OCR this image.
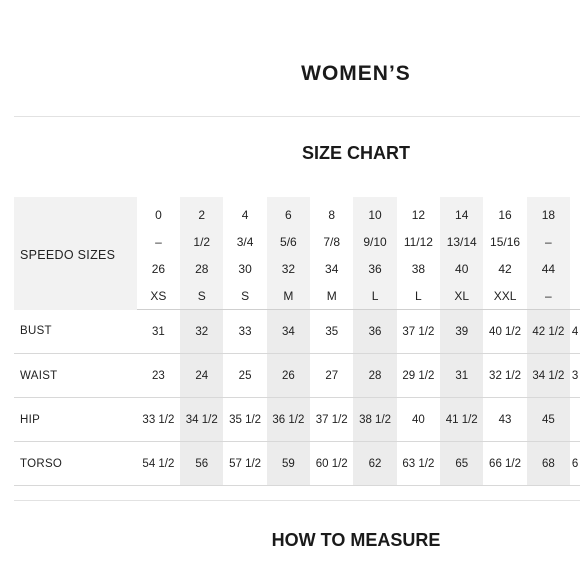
WOMEN’S
SIZE CHART
SPEEDO SIZES	0	2	4	6	8	10	12	14	16	18	
	–	1/2	3/4	5/6	7/8	9/10	11/12	13/14	15/16	–	
	26	28	30	32	34	36	38	40	42	44	
	XS	S	S	M	M	L	L	XL	XXL	–	
BUST	31	32	33	34	35	36	37 1/2	39	40 1/2	42 1/2	4
WAIST	23	24	25	26	27	28	29 1/2	31	32 1/2	34 1/2	3
HIP	33 1/2	34 1/2	35 1/2	36 1/2	37 1/2	38 1/2	40	41 1/2	43	45	
TORSO	54 1/2	56	57 1/2	59	60 1/2	62	63 1/2	65	66 1/2	68	6
HOW TO MEASURE
